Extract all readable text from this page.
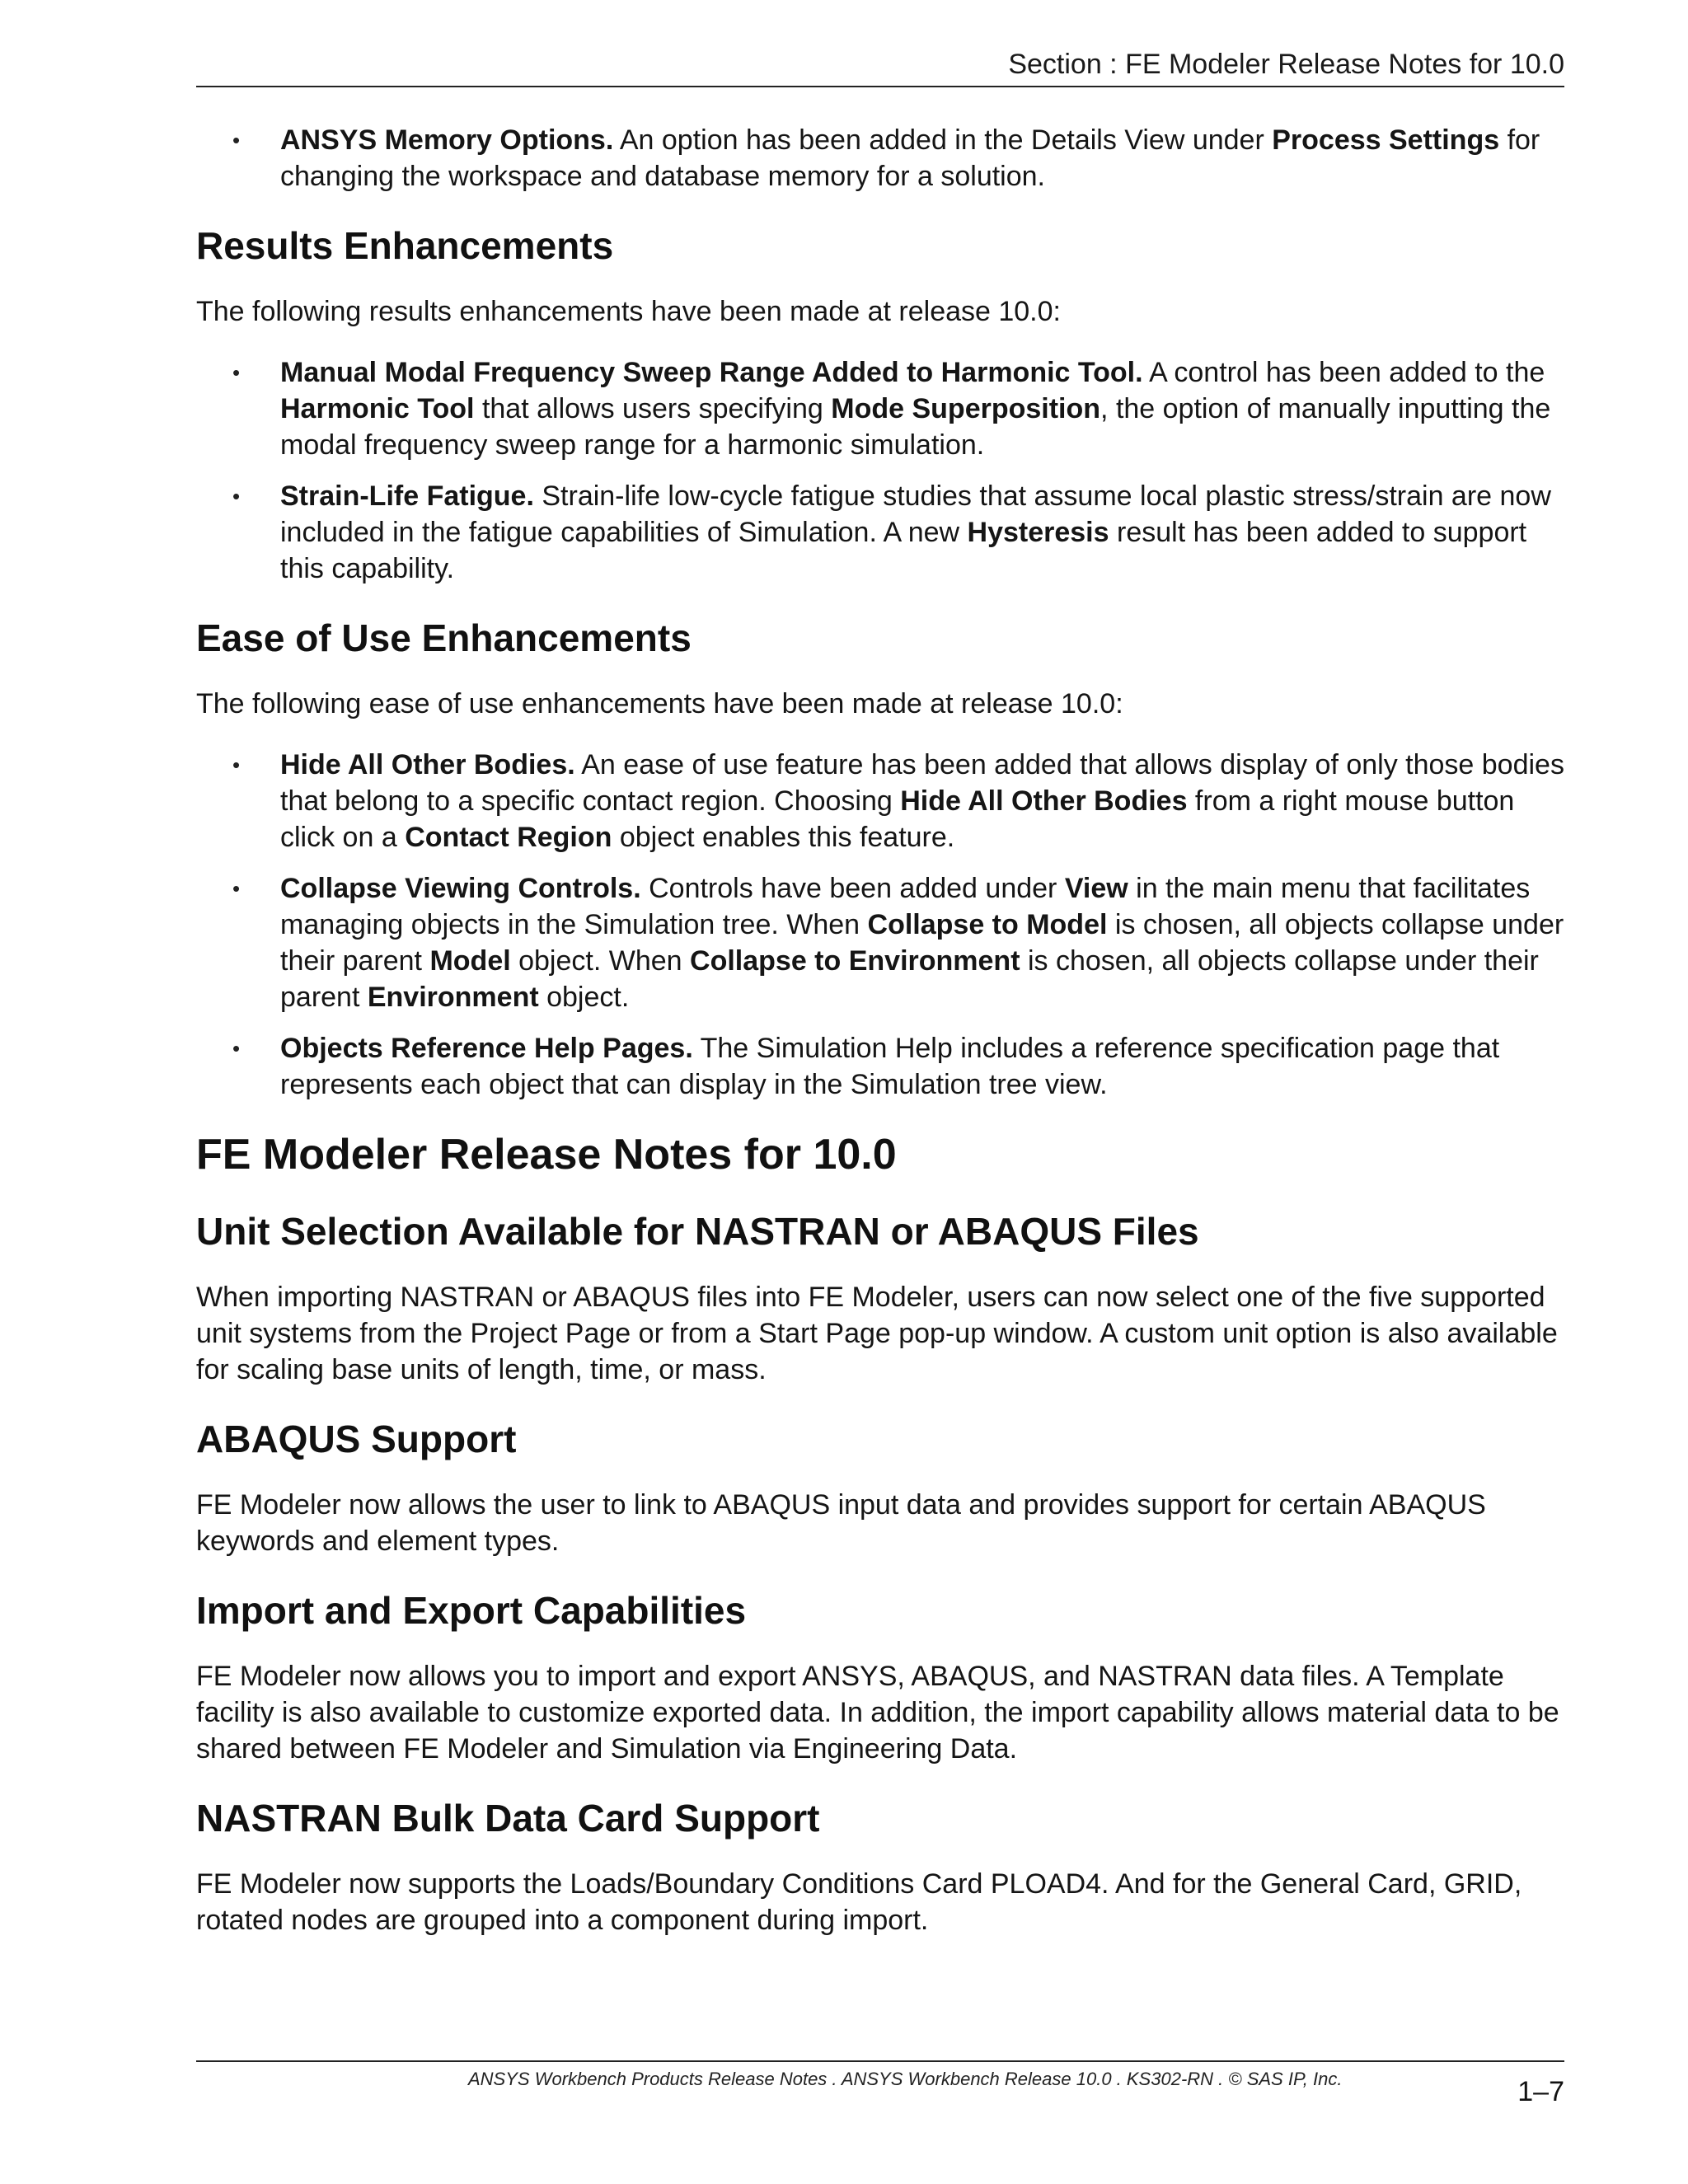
Section : FE Modeler Release Notes for 10.0
• ANSYS Memory Options. An option has been added in the Details View under Process Settings for changing the workspace and database memory for a solution.
Results Enhancements

The following results enhancements have been made at release 10.0:

• Manual Modal Frequency Sweep Range Added to Harmonic Tool. A control has been added to the Harmonic Tool that allows users specifying Mode Superposition, the option of manually inputting the modal frequency sweep range for a harmonic simulation.
• Strain-Life Fatigue. Strain-life low-cycle fatigue studies that assume local plastic stress/strain are now included in the fatigue capabilities of Simulation. A new Hysteresis result has been added to support this capability.
Ease of Use Enhancements

The following ease of use enhancements have been made at release 10.0:

• Hide All Other Bodies. An ease of use feature has been added that allows display of only those bodies that belong to a specific contact region. Choosing Hide All Other Bodies from a right mouse button click on a Contact Region object enables this feature.
• Collapse Viewing Controls. Controls have been added under View in the main menu that facilitates managing objects in the Simulation tree. When Collapse to Model is chosen, all objects collapse under their parent Model object. When Collapse to Environment is chosen, all objects collapse under their parent Environment object.
• Objects Reference Help Pages. The Simulation Help includes a reference specification page that represents each object that can display in the Simulation tree view.
FE Modeler Release Notes for 10.0
Unit Selection Available for NASTRAN or ABAQUS Files

When importing NASTRAN or ABAQUS files into FE Modeler, users can now select one of the five supported unit systems from the Project Page or from a Start Page pop-up window. A custom unit option is also available for scaling base units of length, time, or mass.

ABAQUS Support

FE Modeler now allows the user to link to ABAQUS input data and provides support for certain ABAQUS keywords and element types.

Import and Export Capabilities

FE Modeler now allows you to import and export ANSYS, ABAQUS, and NASTRAN data files. A Template facility is also available to customize exported data. In addition, the import capability allows material data to be shared between FE Modeler and Simulation via Engineering Data.

NASTRAN Bulk Data Card Support

FE Modeler now supports the Loads/Boundary Conditions Card PLOAD4. And for the General Card, GRID, rotated nodes are grouped into a component during import.

ANSYS Workbench Products Release Notes . ANSYS Workbench Release 10.0 . KS302-RN . © SAS IP, Inc.	1–7
